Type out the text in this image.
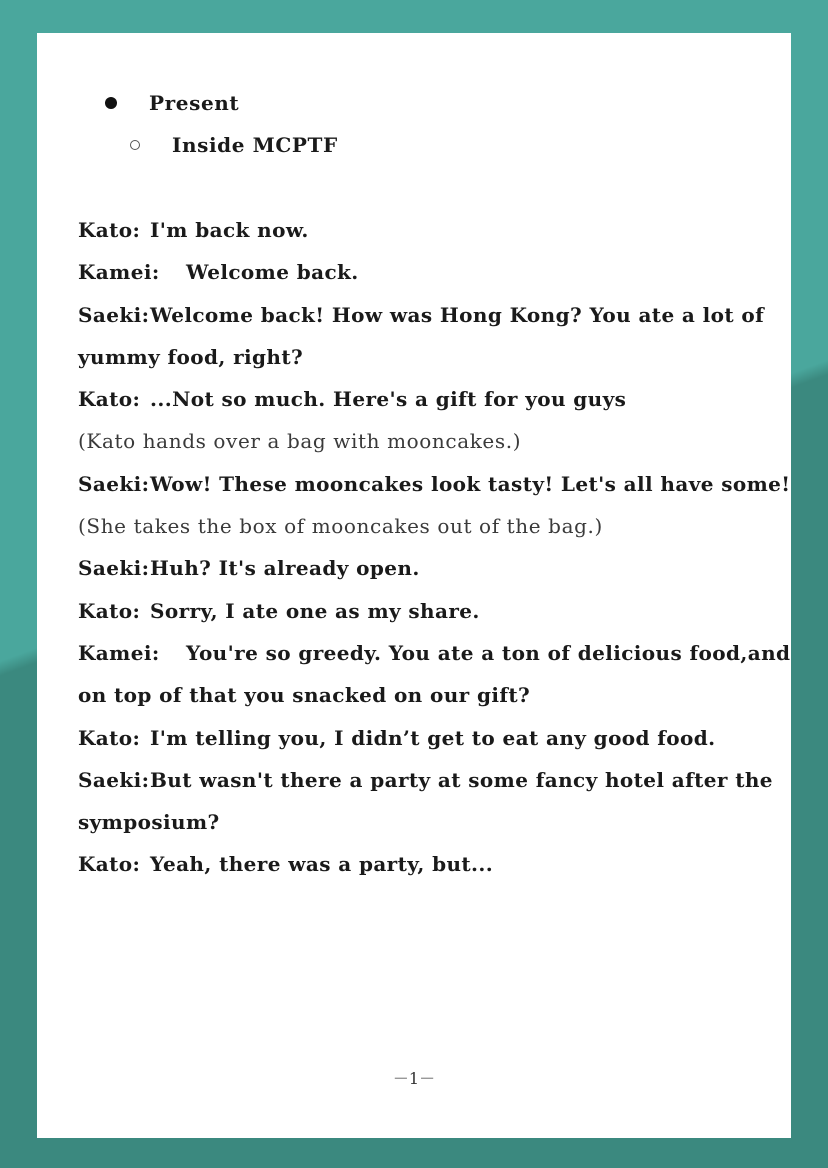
Present
Inside MCPTF
Kato: I'm back now.
Kamei: Welcome back.
Saeki:Welcome back! How was Hong Kong? You ate a lot of
yummy food, right?
Kato: ...Not so much. Here's a gift for you guys
(Kato hands over a bag with mooncakes.)
Saeki:Wow! These mooncakes look tasty! Let's all have some!
(She takes the box of mooncakes out of the bag.)
Saeki:Huh? It's already open.
Kato: Sorry, I ate one as my share.
Kamei: You're so greedy. You ate a ton of delicious food,and
on top of that you snacked on our gift?
Kato: I'm telling you, I didn’t get to eat any good food.
Saeki:But wasn't there a party at some fancy hotel after the
symposium?
Kato: Yeah, there was a party, but...
－1－
